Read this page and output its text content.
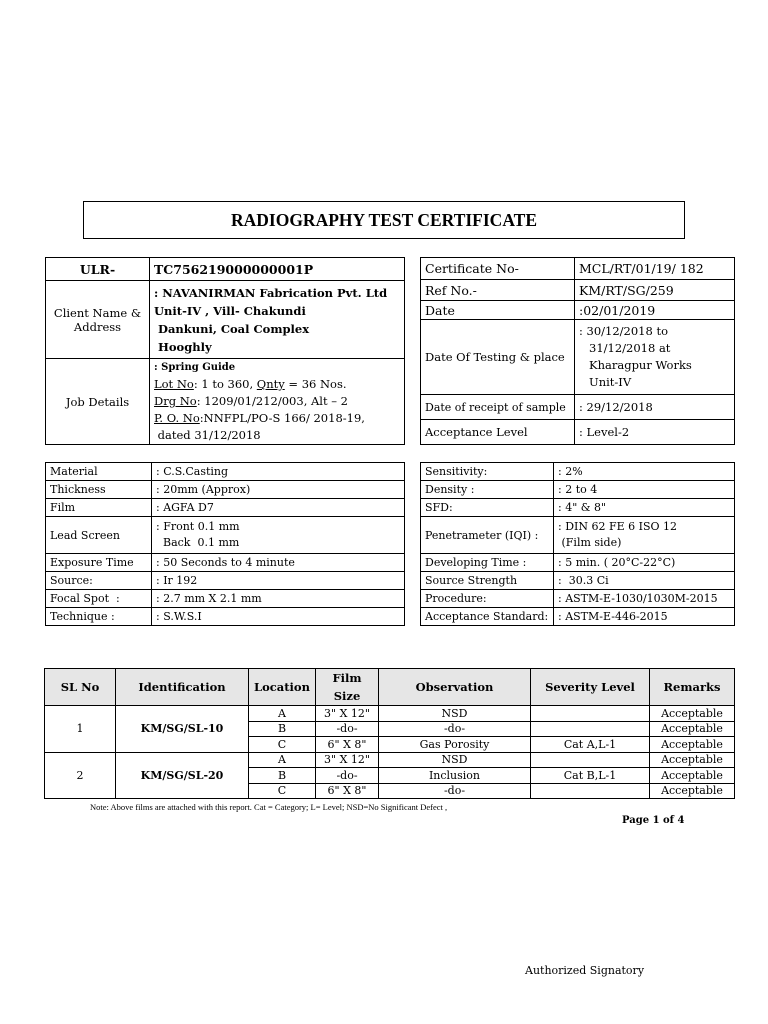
RADIOGRAPHY TEST CERTIFICATE
ULR-	TC756219000000001P
Client Name & Address	: NAVANIRMAN Fabrication Pvt. Ltd
Unit-IV , Vill- Chakundi
Dankuni, Coal Complex
Hooghly

Job Details	: Spring Guide
Lot No: 1 to 360, Qnty = 36 Nos.
Drg No: 1209/01/212/003, Alt – 2
P. O. No:NNFPL/PO-S 166/ 2018-19,
dated 31/12/2018
Certificate No-	MCL/RT/01/19/ 182
Ref No.-	KM/RT/SG/259
Date	:02/01/2019
Date Of Testing & place	: 30/12/2018 to
31/12/2018 at
Kharagpur Works
Unit-IV

Date of receipt of sample	: 29/12/2018
Acceptance Level	: Level-2
Material	: C.S.Casting
Thickness	: 20mm (Approx)
Film	: AGFA D7
Lead Screen	: Front 0.1 mm
Back  0.1 mm

Exposure Time	: 50 Seconds to 4 minute
Source:	: Ir 192
Focal Spot  :	: 2.7 mm X 2.1 mm
Technique :	: S.W.S.I
Sensitivity:	: 2%
Density :	: 2 to 4
SFD:	: 4" & 8"
Penetrameter (IQI) :	: DIN 62 FE 6 ISO 12
(Film side)

Developing Time :	: 5 min. ( 20°C-22°C)
Source Strength	:  30.3 Ci
Procedure:	: ASTM-E-1030/1030M-2015
Acceptance Standard:	: ASTM-E-446-2015
SL No	Identification	Location	Film Size	Observation	Severity Level	Remarks
1	KM/SG/SL-10	A	3" X 12"	NSD		Acceptable
		B	-do-	-do-		Acceptable
		C	6" X 8"	Gas Porosity	Cat A,L-1	Acceptable
2	KM/SG/SL-20	A	3" X 12"	NSD		Acceptable
		B	-do-	Inclusion	Cat B,L-1	Acceptable
		C	6" X 8"	-do-		Acceptable
Note: Above films are attached with this report. Cat = Category; L= Level; NSD=No Significant Defect ,
Page 1 of 4
Authorized Signatory
